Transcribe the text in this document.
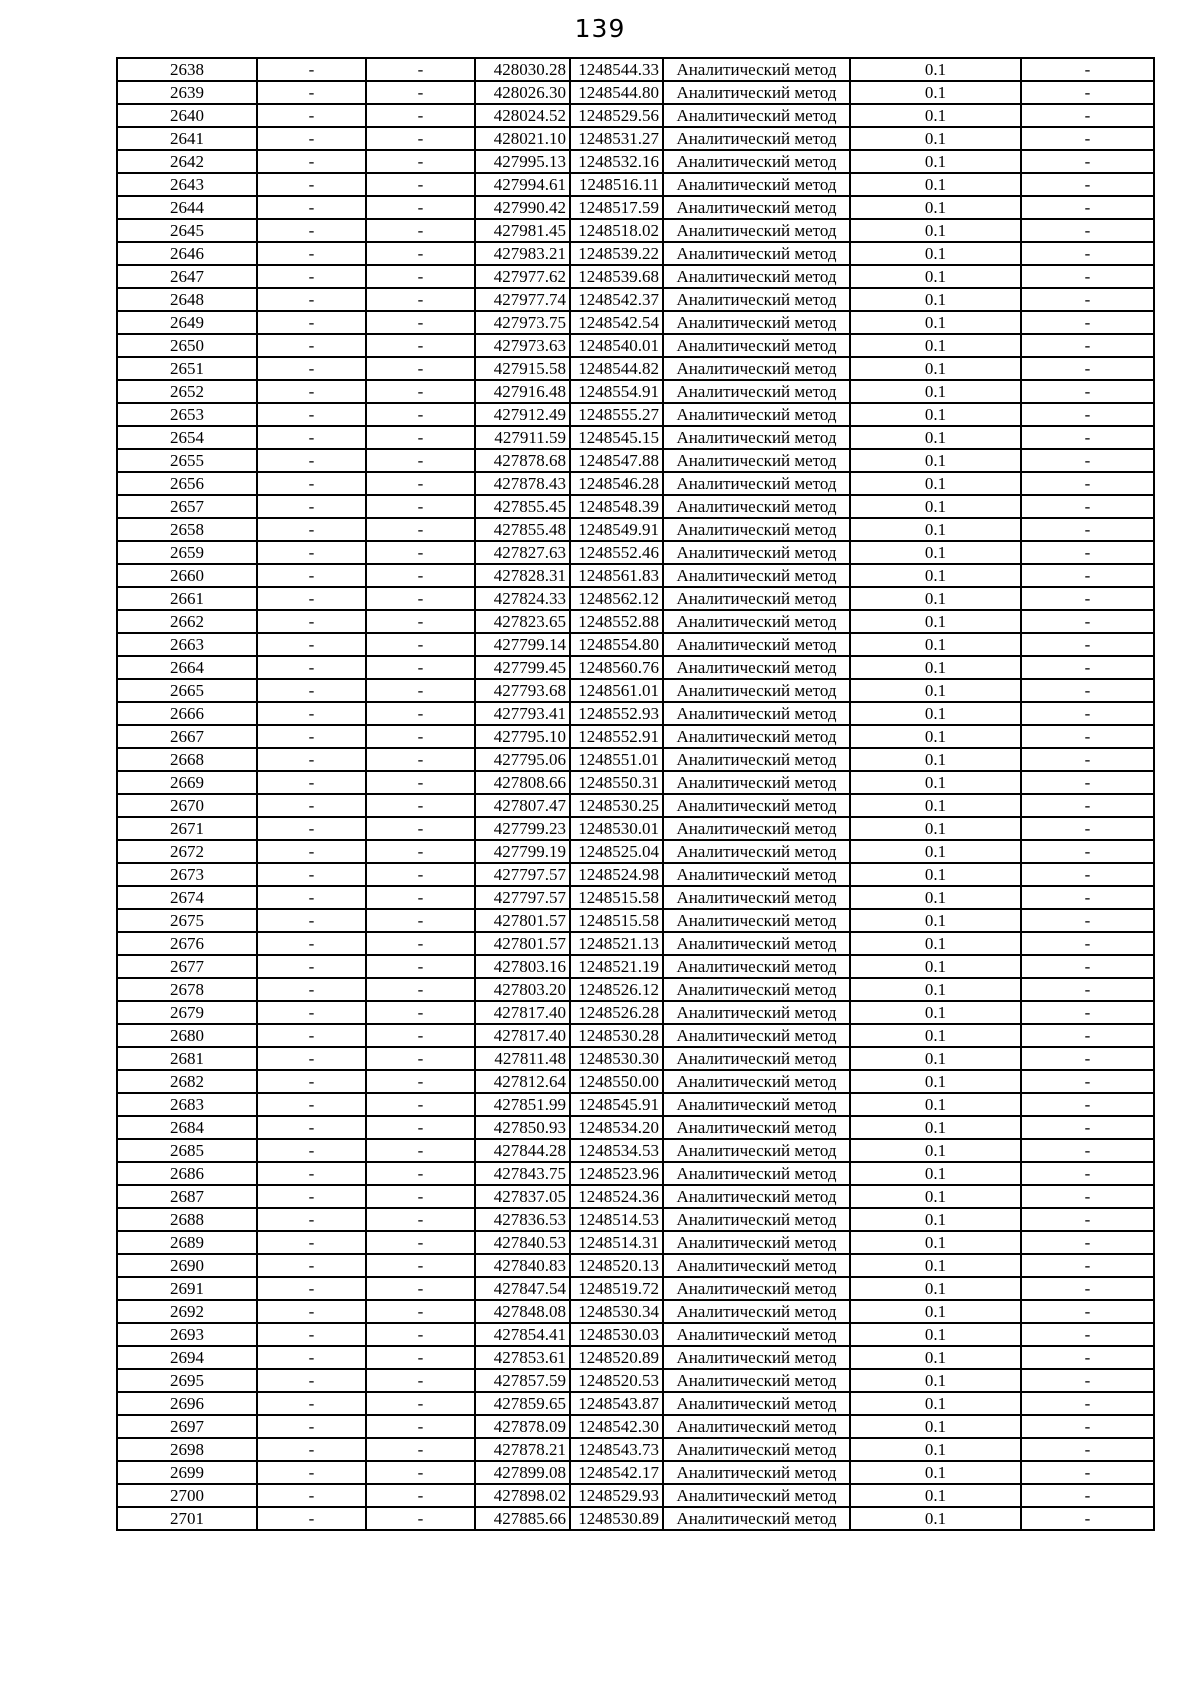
139
2638	-	-	428030.28	1248544.33	Аналитический метод	0.1	-
2639	-	-	428026.30	1248544.80	Аналитический метод	0.1	-
2640	-	-	428024.52	1248529.56	Аналитический метод	0.1	-
2641	-	-	428021.10	1248531.27	Аналитический метод	0.1	-
2642	-	-	427995.13	1248532.16	Аналитический метод	0.1	-
2643	-	-	427994.61	1248516.11	Аналитический метод	0.1	-
2644	-	-	427990.42	1248517.59	Аналитический метод	0.1	-
2645	-	-	427981.45	1248518.02	Аналитический метод	0.1	-
2646	-	-	427983.21	1248539.22	Аналитический метод	0.1	-
2647	-	-	427977.62	1248539.68	Аналитический метод	0.1	-
2648	-	-	427977.74	1248542.37	Аналитический метод	0.1	-
2649	-	-	427973.75	1248542.54	Аналитический метод	0.1	-
2650	-	-	427973.63	1248540.01	Аналитический метод	0.1	-
2651	-	-	427915.58	1248544.82	Аналитический метод	0.1	-
2652	-	-	427916.48	1248554.91	Аналитический метод	0.1	-
2653	-	-	427912.49	1248555.27	Аналитический метод	0.1	-
2654	-	-	427911.59	1248545.15	Аналитический метод	0.1	-
2655	-	-	427878.68	1248547.88	Аналитический метод	0.1	-
2656	-	-	427878.43	1248546.28	Аналитический метод	0.1	-
2657	-	-	427855.45	1248548.39	Аналитический метод	0.1	-
2658	-	-	427855.48	1248549.91	Аналитический метод	0.1	-
2659	-	-	427827.63	1248552.46	Аналитический метод	0.1	-
2660	-	-	427828.31	1248561.83	Аналитический метод	0.1	-
2661	-	-	427824.33	1248562.12	Аналитический метод	0.1	-
2662	-	-	427823.65	1248552.88	Аналитический метод	0.1	-
2663	-	-	427799.14	1248554.80	Аналитический метод	0.1	-
2664	-	-	427799.45	1248560.76	Аналитический метод	0.1	-
2665	-	-	427793.68	1248561.01	Аналитический метод	0.1	-
2666	-	-	427793.41	1248552.93	Аналитический метод	0.1	-
2667	-	-	427795.10	1248552.91	Аналитический метод	0.1	-
2668	-	-	427795.06	1248551.01	Аналитический метод	0.1	-
2669	-	-	427808.66	1248550.31	Аналитический метод	0.1	-
2670	-	-	427807.47	1248530.25	Аналитический метод	0.1	-
2671	-	-	427799.23	1248530.01	Аналитический метод	0.1	-
2672	-	-	427799.19	1248525.04	Аналитический метод	0.1	-
2673	-	-	427797.57	1248524.98	Аналитический метод	0.1	-
2674	-	-	427797.57	1248515.58	Аналитический метод	0.1	-
2675	-	-	427801.57	1248515.58	Аналитический метод	0.1	-
2676	-	-	427801.57	1248521.13	Аналитический метод	0.1	-
2677	-	-	427803.16	1248521.19	Аналитический метод	0.1	-
2678	-	-	427803.20	1248526.12	Аналитический метод	0.1	-
2679	-	-	427817.40	1248526.28	Аналитический метод	0.1	-
2680	-	-	427817.40	1248530.28	Аналитический метод	0.1	-
2681	-	-	427811.48	1248530.30	Аналитический метод	0.1	-
2682	-	-	427812.64	1248550.00	Аналитический метод	0.1	-
2683	-	-	427851.99	1248545.91	Аналитический метод	0.1	-
2684	-	-	427850.93	1248534.20	Аналитический метод	0.1	-
2685	-	-	427844.28	1248534.53	Аналитический метод	0.1	-
2686	-	-	427843.75	1248523.96	Аналитический метод	0.1	-
2687	-	-	427837.05	1248524.36	Аналитический метод	0.1	-
2688	-	-	427836.53	1248514.53	Аналитический метод	0.1	-
2689	-	-	427840.53	1248514.31	Аналитический метод	0.1	-
2690	-	-	427840.83	1248520.13	Аналитический метод	0.1	-
2691	-	-	427847.54	1248519.72	Аналитический метод	0.1	-
2692	-	-	427848.08	1248530.34	Аналитический метод	0.1	-
2693	-	-	427854.41	1248530.03	Аналитический метод	0.1	-
2694	-	-	427853.61	1248520.89	Аналитический метод	0.1	-
2695	-	-	427857.59	1248520.53	Аналитический метод	0.1	-
2696	-	-	427859.65	1248543.87	Аналитический метод	0.1	-
2697	-	-	427878.09	1248542.30	Аналитический метод	0.1	-
2698	-	-	427878.21	1248543.73	Аналитический метод	0.1	-
2699	-	-	427899.08	1248542.17	Аналитический метод	0.1	-
2700	-	-	427898.02	1248529.93	Аналитический метод	0.1	-
2701	-	-	427885.66	1248530.89	Аналитический метод	0.1	-
